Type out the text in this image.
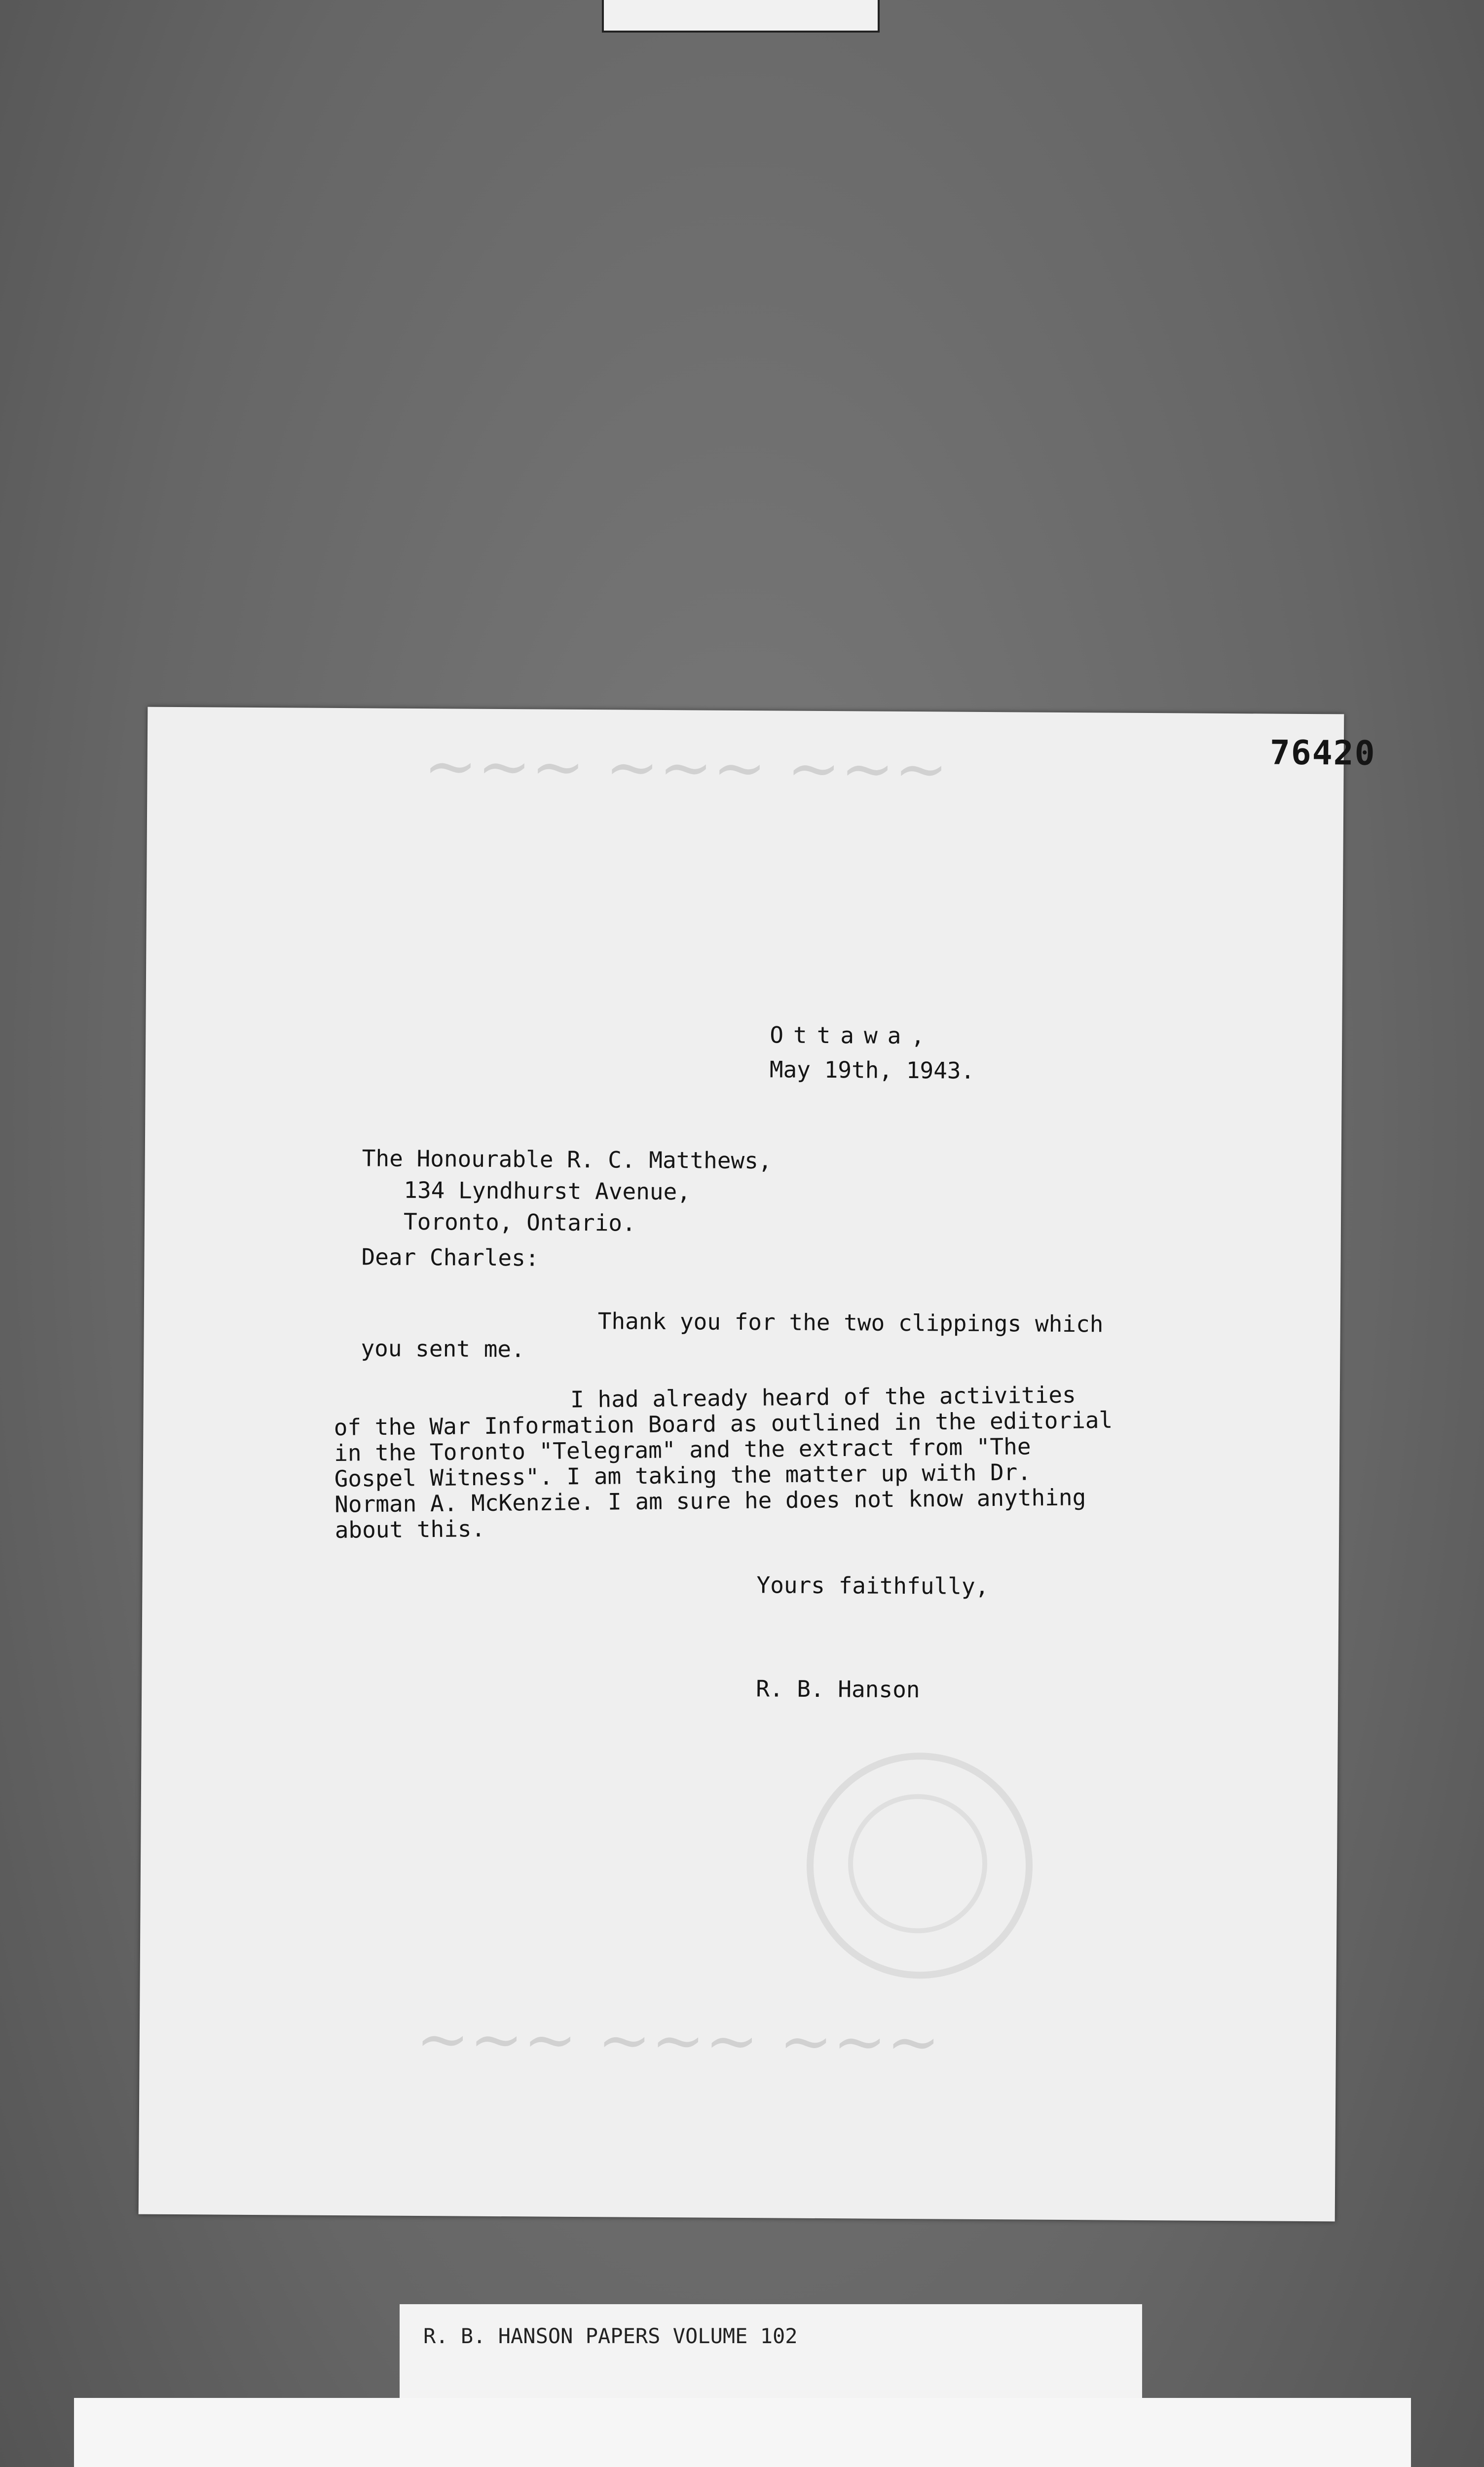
~~~ ~~~ ~~~
~~~ ~~~ ~~~
76420
Ottawa,
May 19th, 1943.
The Honourable R. C. Matthews,
134 Lyndhurst Avenue,
Toronto, Ontario.
Dear Charles:
Thank you for the two clippings which
you sent me.
I had already heard of the activities
of the War Information Board as outlined in the editorial
in the Toronto "Telegram" and the extract from "The
Gospel Witness". I am taking the matter up with Dr.
Norman A. McKenzie. I am sure he does not know anything
about this.
Yours faithfully,
R. B. Hanson
R. B. HANSON PAPERS VOLUME 102
